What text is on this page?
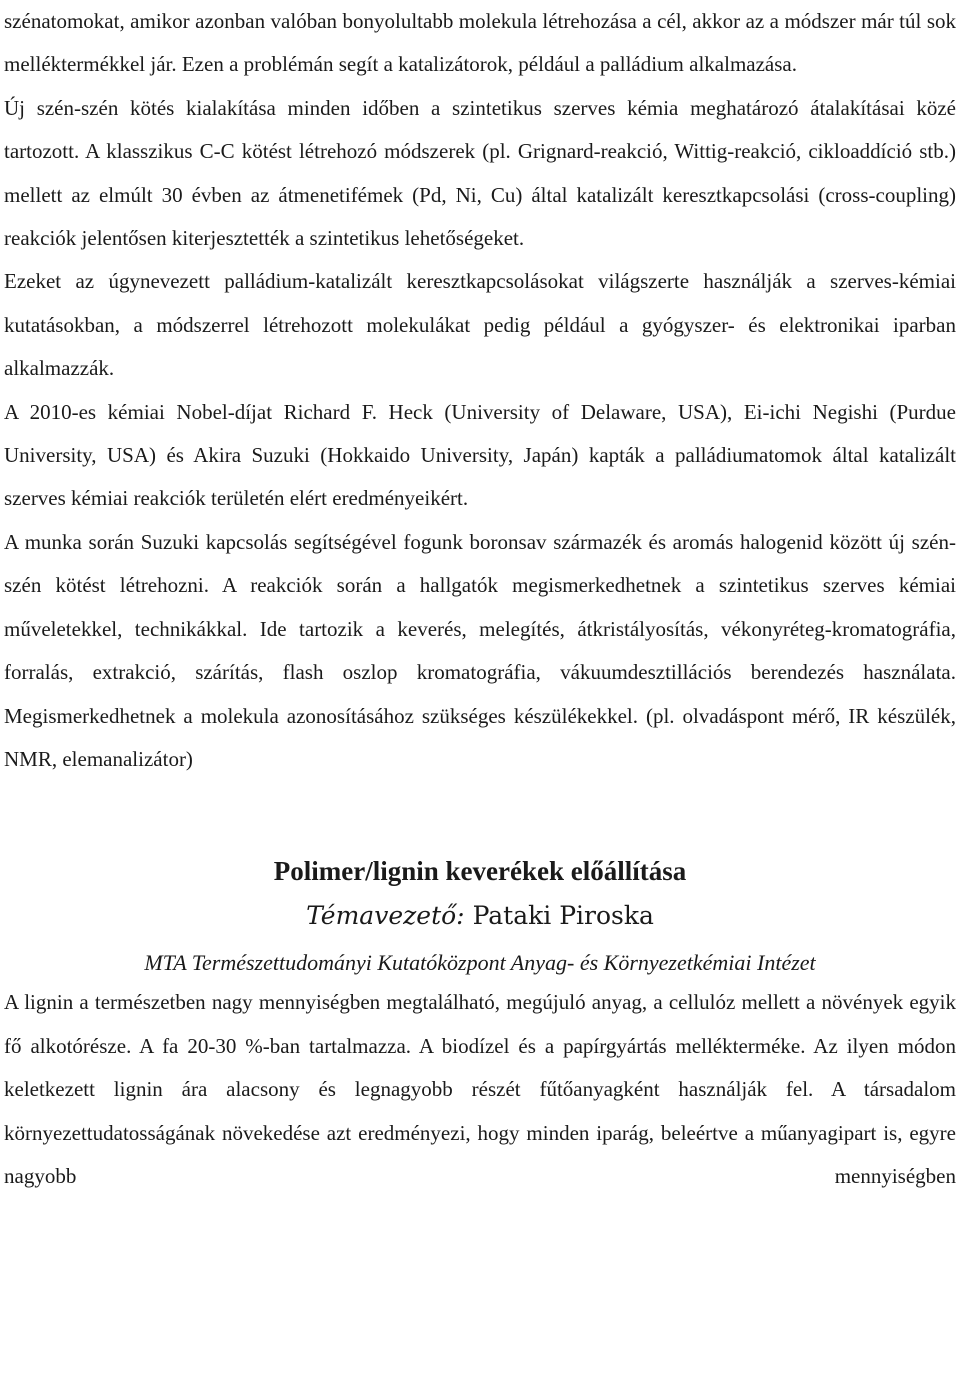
szénatomokat, amikor azonban valóban bonyolultabb molekula létrehozása a cél, akkor az a módszer már túl sok melléktermékkel jár. Ezen a problémán segít a katalizátorok, például a palládium alkalmazása.

Új szén-szén kötés kialakítása minden időben a szintetikus szerves kémia meghatározó átalakításai közé tartozott. A klasszikus C-C kötést létrehozó módszerek (pl. Grignard-reakció, Wittig-reakció, cikloaddíció stb.) mellett az elmúlt 30 évben az átmenetifémek (Pd, Ni, Cu) által katalizált keresztkapcsolási (cross-coupling) reakciók jelentősen kiterjesztették a szintetikus lehetőségeket.

Ezeket az úgynevezett palládium-katalizált keresztkapcsolásokat világszerte használják a szerves-kémiai kutatásokban, a módszerrel létrehozott molekulákat pedig például a gyógyszer- és elektronikai iparban alkalmazzák.

A 2010-es kémiai Nobel-díjat Richard F. Heck (University of Delaware, USA), Ei-ichi Negishi (Purdue University, USA) és Akira Suzuki (Hokkaido University, Japán) kapták a palládiumatomok által katalizált szerves kémiai reakciók területén elért eredményeikért.

A munka során Suzuki kapcsolás segítségével fogunk boronsav származék és aromás halogenid között új szén-szén kötést létrehozni. A reakciók során a hallgatók megismerkedhetnek a szintetikus szerves kémiai műveletekkel, technikákkal. Ide tartozik a keverés, melegítés, átkristályosítás, vékonyréteg-kromatográfia, forralás, extrakció, szárítás, flash oszlop kromatográfia, vákuumdesztillációs berendezés használata. Megismerkedhetnek a molekula azonosításához szükséges készülékekkel. (pl. olvadáspont mérő, IR készülék, NMR, elemanalizátor)

Polimer/lignin keverékek előállítása

Témavezető: Pataki Piroska

MTA Természettudományi Kutatóközpont Anyag- és Környezetkémiai Intézet

A lignin a természetben nagy mennyiségben megtalálható, megújuló anyag, a cellulóz mellett a növények egyik fő alkotórésze. A fa 20-30 %-ban tartalmazza. A biodízel és a papírgyártás mellékterméke. Az ilyen módon keletkezett lignin ára alacsony és legnagyobb részét fűtőanyagként használják fel. A társadalom környezettudatosságának növekedése azt eredményezi, hogy minden iparág, beleértve a műanyagipart is, egyre nagyobb mennyiségben
